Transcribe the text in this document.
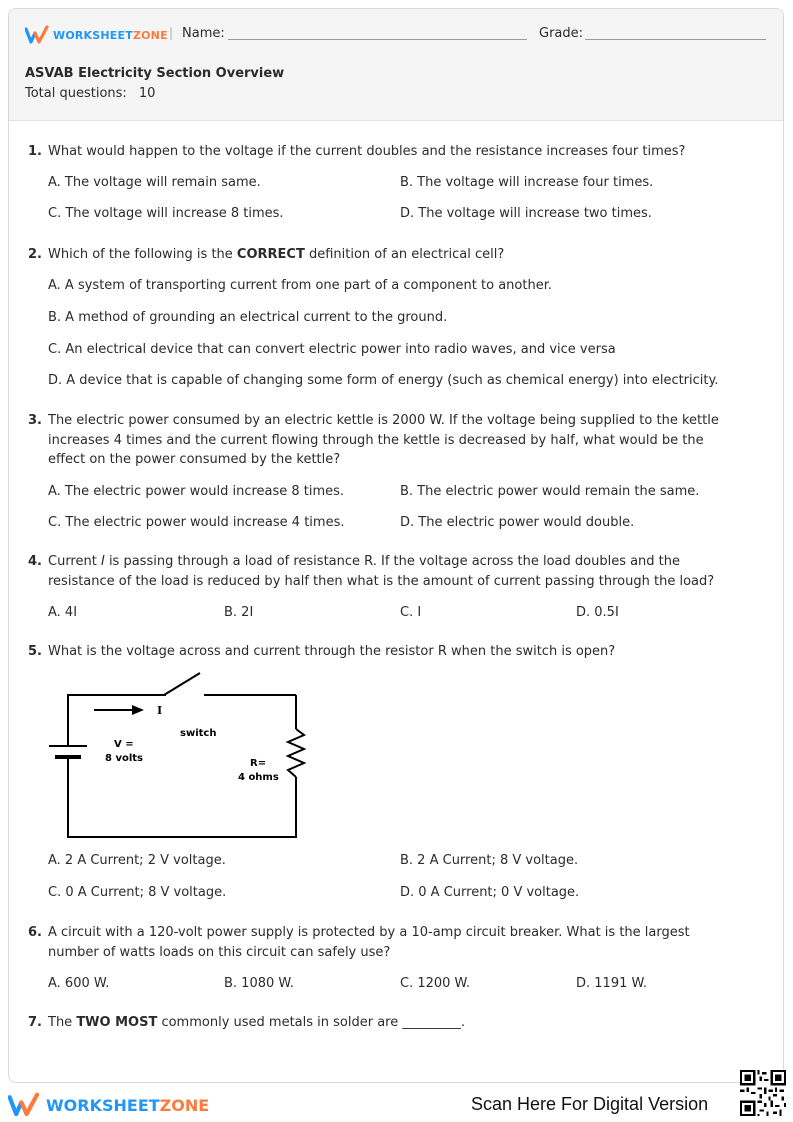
WORKSHEET ZONE | Name:	Grade:
ASVAB Electricity Section Overview
Total questions: 10
1. What would happen to the voltage if the current doubles and the resistance increases four times?
A. The voltage will remain same.	B. The voltage will increase four times.
C. The voltage will increase 8 times.	D. The voltage will increase two times.
2. Which of the following is the CORRECT definition of an electrical cell?
A. A system of transporting current from one part of a component to another.
B. A method of grounding an electrical current to the ground.
C. An electrical device that can convert electric power into radio waves, and vice versa
D. A device that is capable of changing some form of energy (such as chemical energy) into electricity.
3. The electric power consumed by an electric kettle is 2000 W. If the voltage being supplied to the kettle increases 4 times and the current flowing through the kettle is decreased by half, what would be the effect on the power consumed by the kettle?
A. The electric power would increase 8 times.	B. The electric power would remain the same.
C. The electric power would increase 4 times.	D. The electric power would double.
4. Current I is passing through a load of resistance R. If the voltage across the load doubles and the resistance of the load is reduced by half then what is the amount of current passing through the load?
A. 4I	B. 2I	C. I	D. 0.5I
5. What is the voltage across and current through the resistor R when the switch is open?
I
switch
V =
8 volts	R=
4 ohms
A. 2 A Current; 2 V voltage.	B. 2 A Current; 8 V voltage.
C. 0 A Current; 8 V voltage.	D. 0 A Current; 0 V voltage.
6. A circuit with a 120-volt power supply is protected by a 10-amp circuit breaker. What is the largest number of watts loads on this circuit can safely use?
A. 600 W.	B. 1080 W.	C. 1200 W.	D. 1191 W.
7. The TWO MOST commonly used metals in solder are _________.
WORKSHEET ZONE	Scan Here For Digital Version
